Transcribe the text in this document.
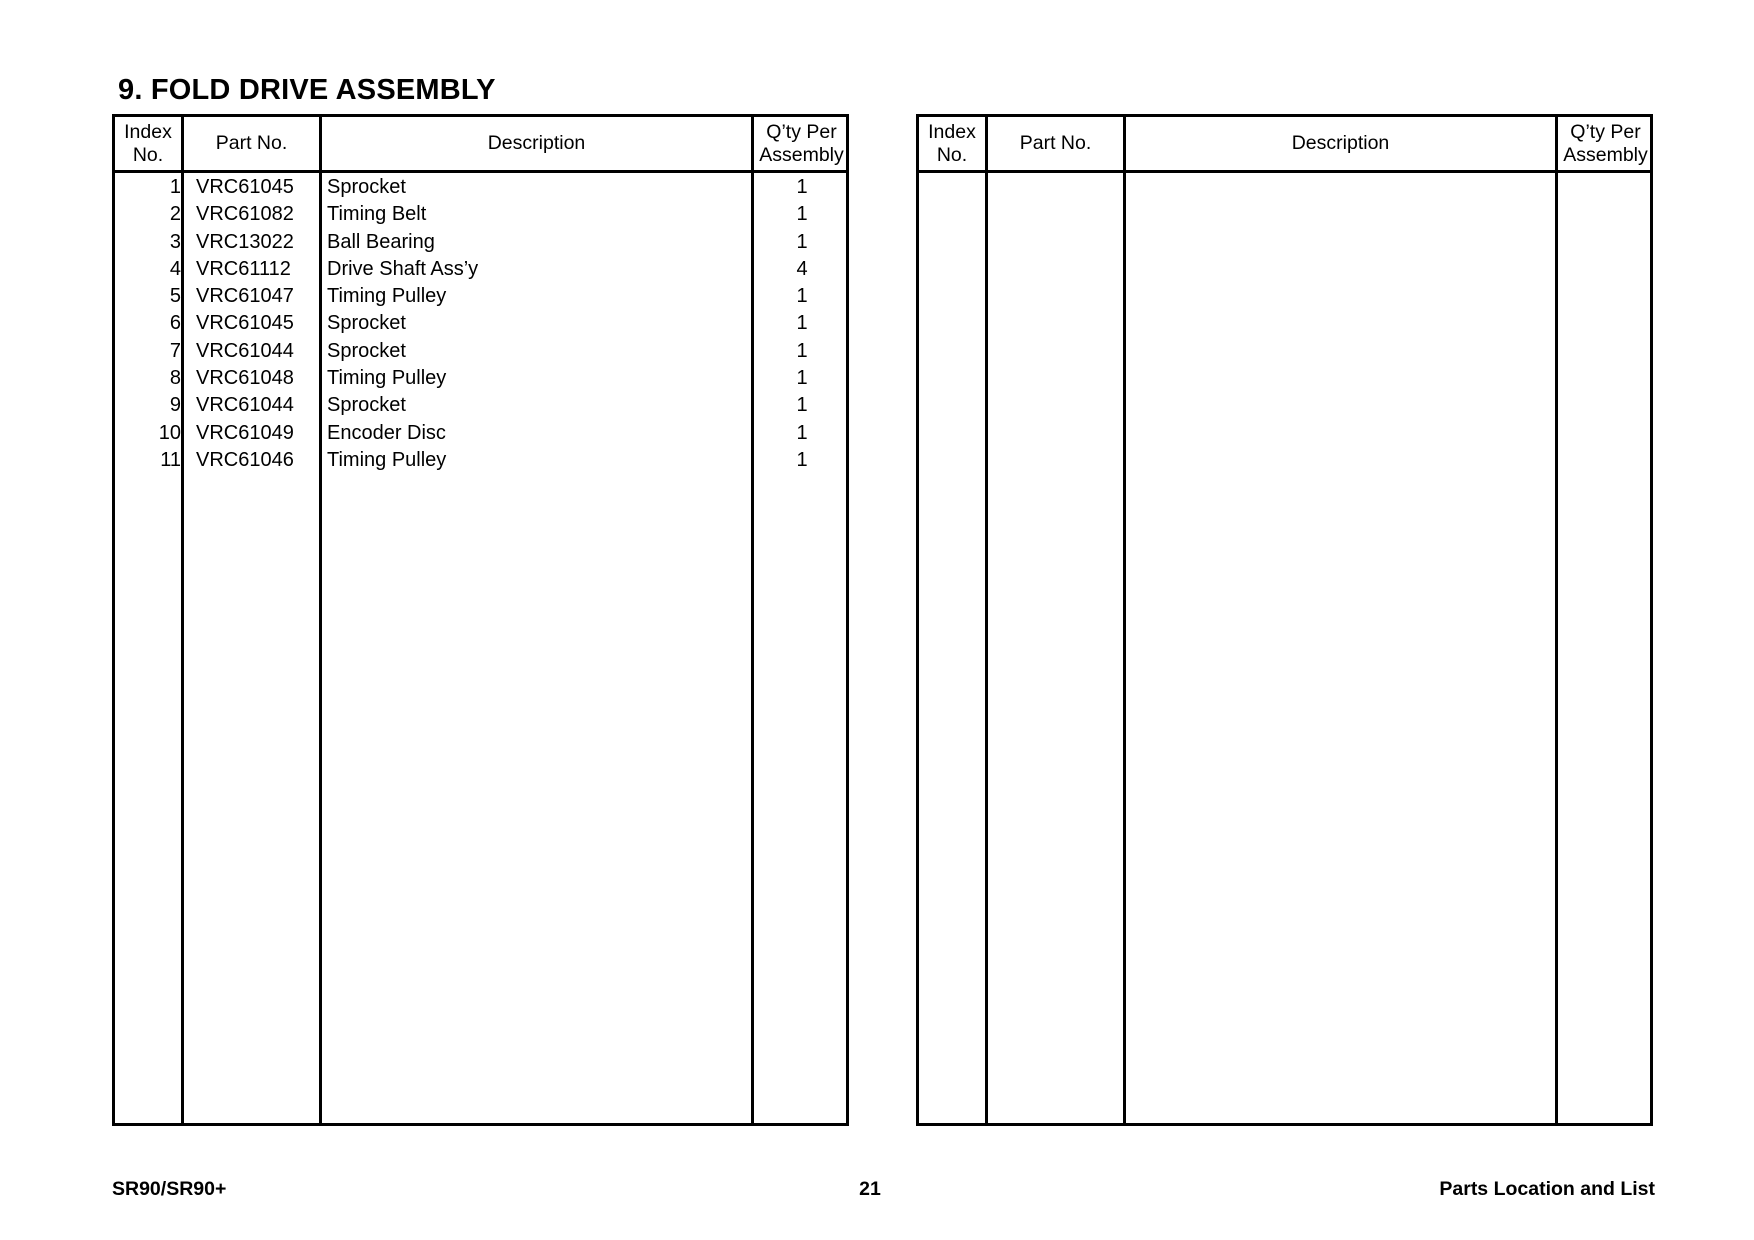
9. FOLD DRIVE ASSEMBLY
Index
No.
Part No.	Description
Q’ty Per
Assembly
1 VRC61045 Sprocket	1
2 VRC61082 Timing Belt	1
3 VRC13022 Ball Bearing	1
4 VRC61112 Drive Shaft Ass’y	4
5 VRC61047 Timing Pulley	1
6 VRC61045 Sprocket	1
7 VRC61044 Sprocket	1
8 VRC61048 Timing Pulley	1
9 VRC61044 Sprocket	1
10 VRC61049 Encoder Disc	1
11 VRC61046 Timing Pulley	1
Index
No.
Part No.	Description
Q’ty Per
Assembly
SR90/SR90+	21	Parts Location and List
